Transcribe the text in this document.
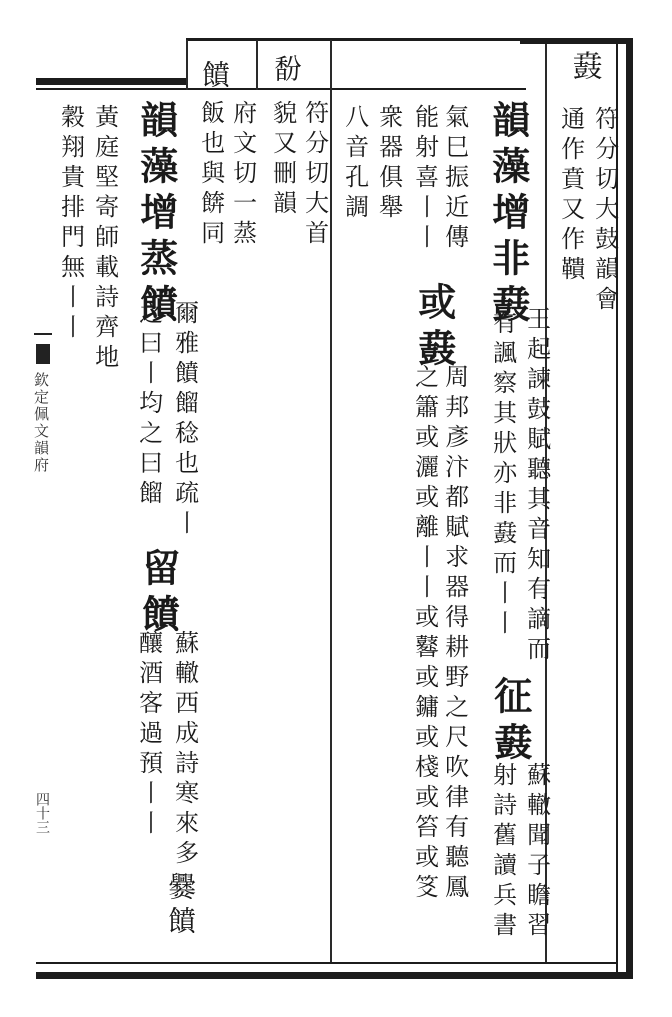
欽定佩文韻府
四十三
鼖
符分切大鼓韻會
通作賁又作鞼
韻藻增非鼖
王起諫鼓賦聽其音知有謫而
有諷察其狀亦非鼖而丨丨
征鼖
蘇轍聞子瞻習
射詩舊讀兵書
氣巳振近傳
能射喜丨丨
或鼖
周邦彥汴都賦求器得耕野之尺吹律有聽鳳
之簫或灑或離丨丨或鼛或鏞或棧或笞或笅
衆器俱舉
八音孔調
馚
符分切大首
貌又刪韻
饙
府文切一蒸
飯也與餴同
韻藻增蒸饙
爾雅饙餾稔也疏丨
之曰丨均之曰餾
留饙
蘇轍西成詩寒來多
爨饙
釀酒客過預丨丨
黃庭堅寄師載詩齊地
穀翔貴排門無丨丨
